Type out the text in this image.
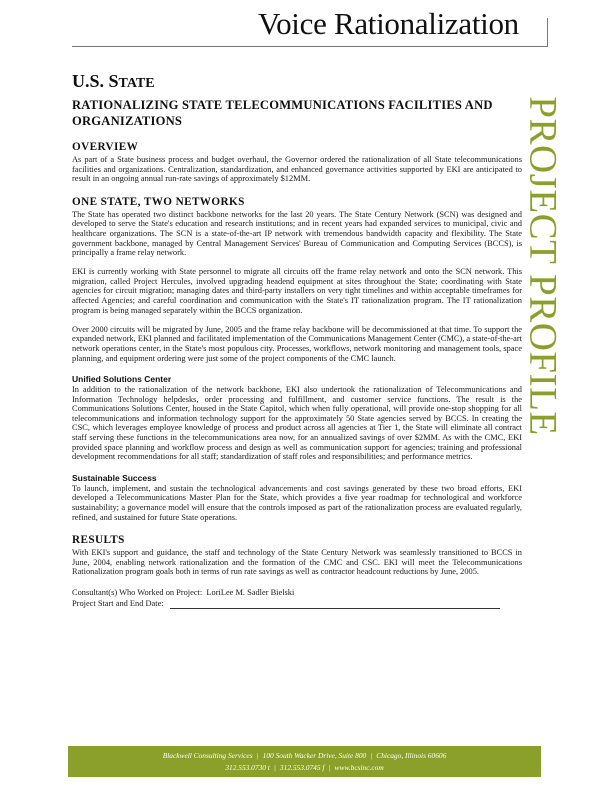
Voice Rationalization
PROJECT PROFILE
U.S. STATE
RATIONALIZING STATE TELECOMMUNICATIONS FACILITIES AND ORGANIZATIONS
OVERVIEW

As part of a State business process and budget overhaul, the Governor ordered the rationalization of all State telecommunications facilities and organizations. Centralization, standardization, and enhanced governance activities supported by EKI are anticipated to result in an ongoing annual run-rate savings of approximately $12MM.

ONE STATE, TWO NETWORKS

The State has operated two distinct backbone networks for the last 20 years. The State Century Network (SCN) was designed and developed to serve the State's education and research institutions; and in recent years had expanded services to municipal, civic and healthcare organizations. The SCN is a state-of-the-art IP network with tremendous bandwidth capacity and flexibility. The State government backbone, managed by Central Management Services' Bureau of Communication and Computing Services (BCCS), is principally a frame relay network.

EKI is currently working with State personnel to migrate all circuits off the frame relay network and onto the SCN network. This migration, called Project Hercules, involved upgrading headend equipment at sites throughout the State; coordinating with State agencies for circuit migration; managing dates and third-party installers on very tight timelines and within acceptable timeframes for affected Agencies; and careful coordination and communication with the State's IT rationalization program. The IT rationalization program is being managed separately within the BCCS organization.

Over 2000 circuits will be migrated by June, 2005 and the frame relay backbone will be decommissioned at that time. To support the expanded network, EKI planned and facilitated implementation of the Communications Management Center (CMC), a state-of-the-art network operations center, in the State's most populous city. Processes, workflows, network monitoring and management tools, space planning, and equipment ordering were just some of the project components of the CMC launch.

Unified Solutions Center

In addition to the rationalization of the network backbone, EKI also undertook the rationalization of Telecommunications and Information Technology helpdesks, order processing and fulfillment, and customer service functions. The result is the Communications Solutions Center, housed in the State Capitol, which when fully operational, will provide one-stop shopping for all telecommunications and information technology support for the approximately 50 State agencies served by BCCS. In creating the CSC, which leverages employee knowledge of process and product across all agencies at Tier 1, the State will eliminate all contract staff serving these functions in the telecommunications area now, for an annualized savings of over $2MM. As with the CMC, EKI provided space planning and workflow process and design as well as communication support for agencies; training and professional development recommendations for all staff; standardization of staff roles and responsibilities; and performance metrics.

Sustainable Success

To launch, implement, and sustain the technological advancements and cost savings generated by these two broad efforts, EKI developed a Telecommunications Master Plan for the State, which provides a five year roadmap for technological and workforce sustainability; a governance model will ensure that the controls imposed as part of the rationalization process are evaluated regularly, refined, and sustained for future State operations.

RESULTS

With EKI's support and guidance, the staff and technology of the State Century Network was seamlessly transitioned to BCCS in June, 2004, enabling network rationalization and the formation of the CMC and CSC. EKI will meet the Telecommunications Rationalization program goals both in terms of run rate savings as well as contractor headcount reductions by June, 2005.

Consultant(s) Who Worked on Project:
LoriLee M. Sadler Bielski
Project Start and End Date:
Blackwell Consulting Services | 100 South Wacker Drive, Suite 800 | Chicago, Illinois 60606
312.553.0730 t | 312.553.0745 f | www.bcsinc.com
